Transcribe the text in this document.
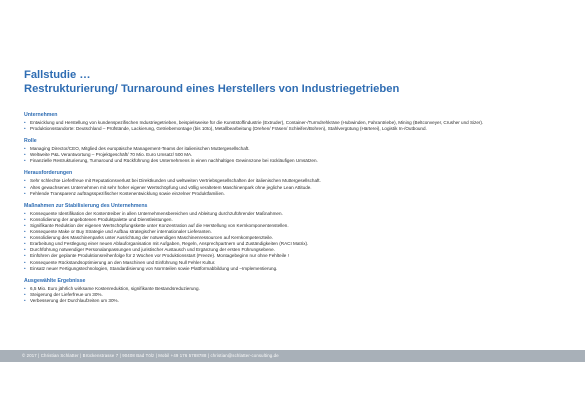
Fallstudie …
Restrukturierung/ Turnaround eines Herstellers von Industriegetrieben
Unternehmen
• Entwicklung und Herstellung von kundenspezifischen Industriegetrieben, beispielsweise für die Kunststoffindustrie (Extruder), Container-/Turmdrehkräne (Hubwinden, Fahrantriebe), Mining (Beltconveyer, Crusher und Sizer).
• Produktionsstandorte: Deutschland – Prüfstände, Lackierung, Getriebemontage (bis 10to), Metallbearbeitung (Drehen/ Fräsen/ Schleifen/Bohren), Stahlvergütung (Härterei), Logistik In-/Outbound.
Rolle
• Managing Director/CEO, Mitglied des europäische Management-Teams der italienischen Muttergesellschaft.
• Weltweite P&L Verantwortung – Projektgeschäft/ 70 Mio. Euro Umsatz/ 500 MA.
• Finanzielle Restrukturierung, Turnaround und Rückführung des Unternehmens in einen nachhaltigen Gewinnzone bei rückläufigen Umsätzen.
Herausforderungen
• Sehr schlechte Lieferfreue mit Reputationsverlust bei Direktkunden und weltweiten Vertriebsgesellschaften der italienischen Muttergesellschaft.
• Altes gewachsenes Unternehmen mit sehr hoher eigener Wertschöpfung und völlig veraltetem Maschinenpark ohne jegliche Lean Attitude.
• Fehlende Transparenz auftragsspezifischer Kostenentwicklung sowie einzelner Produktfamilien.
Maßnahmen zur Stabilisierung des Unternehmens
• Konsequente Identifikation der Kostentreiber in allen Unternehmensbereichen und Ableitung durchzuführender Maßnahmen.
• Konsolidierung der angebotenen Produktpalette und Dienstleistungen.
• Signifikante Reduktion der eigenen Wertschöpfungskette unter Konzentration auf die Herstellung von Kernkomponentenstellen.
• Konsequente Make or Buy Strategie und Aufbau strategischer internationaler Lieferanten.
• Konsolidierung des Maschinenparks unter Ausrichtung der notwendigen Maschinenressourcen auf Kernkompetenzteile.
• Erarbeitung und Festlegung einer neuen Ablauforganisation mit Aufgaben, Regeln, Ansprechpartnern und Zuständigkeiten (RACI Matrix).
• Durchführung notwendiger Personalanpassungen und juristischer Austausch und Ergänzung der ersten Führungsebene.
• Einführen der geplante Produktionsreihenfolge für 2 Wochen vor Produktionsstart (Freeze). Montagebeginn nur ohne Fehlteile !
• Konsequente Rückstandsoptimierung an den Maschinen und Einführung Null Fehler Kultur.
• Einsatz neuer Fertigungstechnologien, Standardisierung von Normteilen sowie Plattformabbildung und –Implementierung.
Ausgewählte Ergebnisse
• 6,5 Mio. Euro jährlich wirksame Kostenreduktion, signifikante Bestandsreduzierung.
• Steigerung der Lieferfreue um 30%.
• Verbesserung der Durchlaufzeiten um 30%.
© 2017 | Christian Schlatter | Brückenstrasse 7 | 90408 Bad Tölz | Mobil +49 176 5788788 | christian@schlatter-consulting.de
